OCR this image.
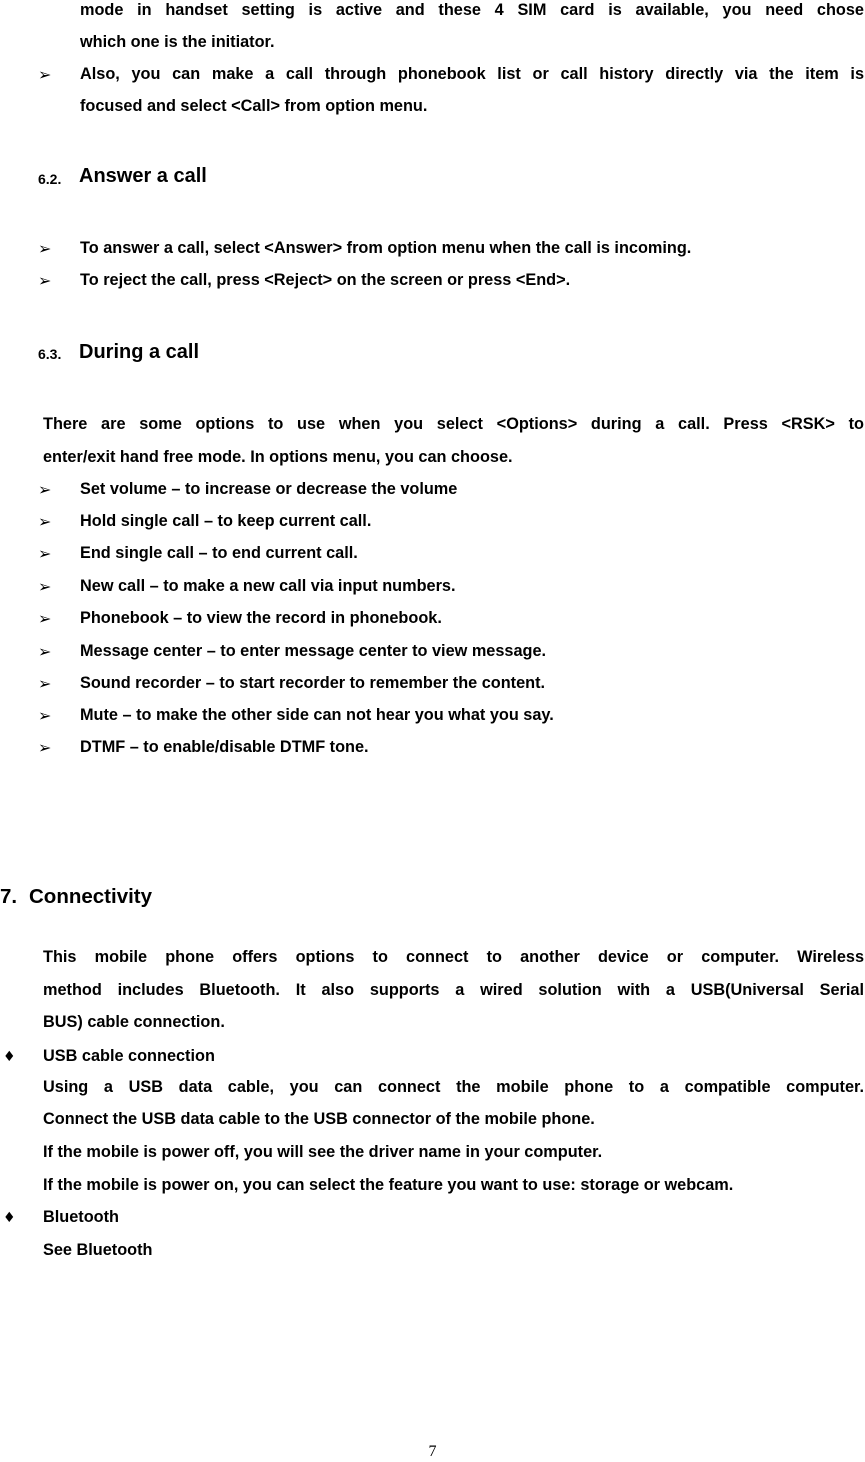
mode in handset setting is active and these 4 SIM card is available, you need chose

which one is the initiator.

➢ Also, you can make a call through phonebook list or call history directly via the item is

focused and select <Call> from option menu.

6.2. Answer a call
➢ To answer a call, select <Answer> from option menu when the call is incoming.

➢ To reject the call, press <Reject> on the screen or press <End>.

6.3. During a call

There are some options to use when you select <Options> during a call. Press <RSK> to

enter/exit hand free mode. In options menu, you can choose.

➢ Set volume – to increase or decrease the volume

➢ Hold single call – to keep current call.

➢ End single call – to end current call.

➢ New call – to make a new call via input numbers.

➢ Phonebook – to view the record in phonebook.

➢ Message center – to enter message center to view message.

➢ Sound recorder – to start recorder to remember the content.

➢ Mute – to make the other side can not hear you what you say.

➢ DTMF – to enable/disable DTMF tone.

7. Connectivity

This mobile phone offers options to connect to another device or computer. Wireless

method includes Bluetooth. It also supports a wired solution with a USB(Universal Serial

BUS) cable connection.

♦ USB cable connection

Using a USB data cable, you can connect the mobile phone to a compatible computer.

Connect the USB data cable to the USB connector of the mobile phone.

If the mobile is power off, you will see the driver name in your computer.

If the mobile is power on, you can select the feature you want to use: storage or webcam.

♦ Bluetooth

See Bluetooth

7
